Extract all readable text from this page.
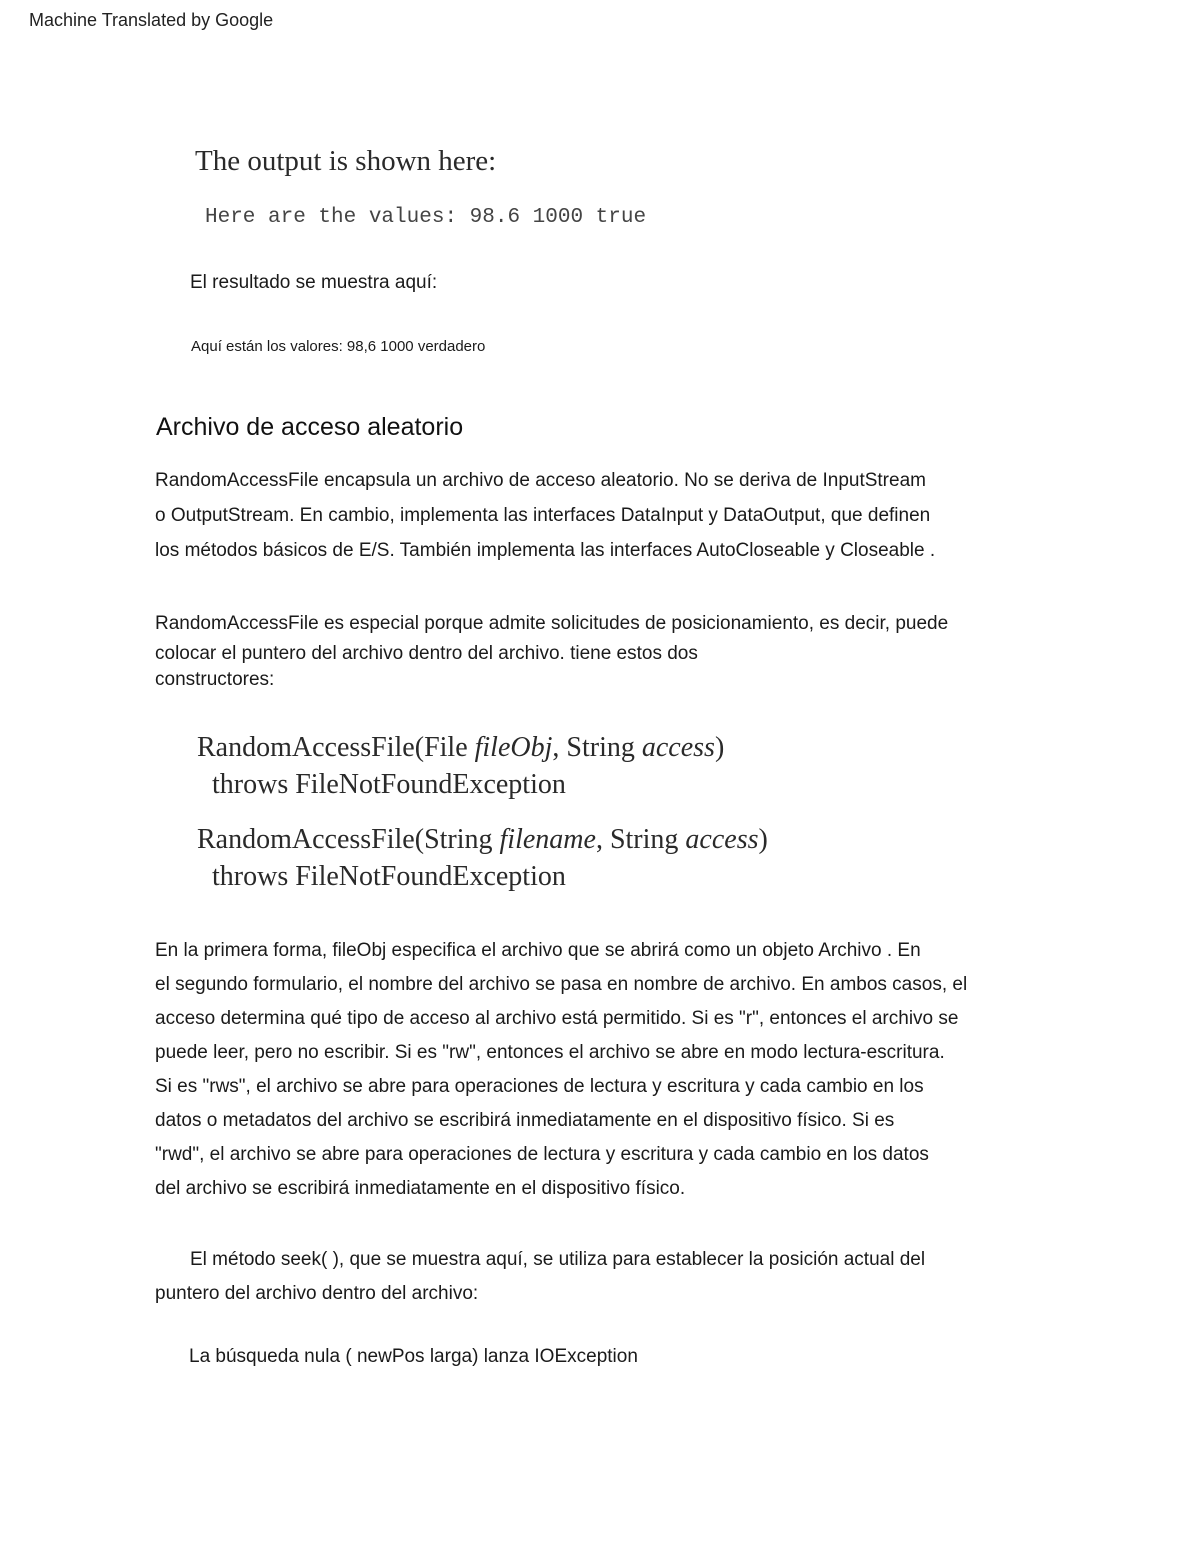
Machine Translated by Google
The output is shown here:
Here are the values: 98.6 1000 true
El resultado se muestra aquí:
Aquí están los valores: 98,6 1000 verdadero
Archivo de acceso aleatorio
RandomAccessFile encapsula un archivo de acceso aleatorio. No se deriva de InputStream
o OutputStream. En cambio, implementa las interfaces DataInput y DataOutput, que definen
los métodos básicos de E/S. También implementa las interfaces AutoCloseable y Closeable .
RandomAccessFile es especial porque admite solicitudes de posicionamiento, es decir, puede
colocar el puntero del archivo dentro del archivo. tiene estos dos
constructores:
RandomAccessFile(File fileObj, String access)
throws FileNotFoundException
RandomAccessFile(String filename, String access)
throws FileNotFoundException
En la primera forma, fileObj especifica el archivo que se abrirá como un objeto Archivo . En
el segundo formulario, el nombre del archivo se pasa en nombre de archivo. En ambos casos, el
acceso determina qué tipo de acceso al archivo está permitido. Si es "r", entonces el archivo se
puede leer, pero no escribir. Si es "rw", entonces el archivo se abre en modo lectura-escritura.
Si es "rws", el archivo se abre para operaciones de lectura y escritura y cada cambio en los
datos o metadatos del archivo se escribirá inmediatamente en el dispositivo físico. Si es
"rwd", el archivo se abre para operaciones de lectura y escritura y cada cambio en los datos
del archivo se escribirá inmediatamente en el dispositivo físico.
El método seek( ), que se muestra aquí, se utiliza para establecer la posición actual del
puntero del archivo dentro del archivo:
La búsqueda nula ( newPos larga) lanza IOException
